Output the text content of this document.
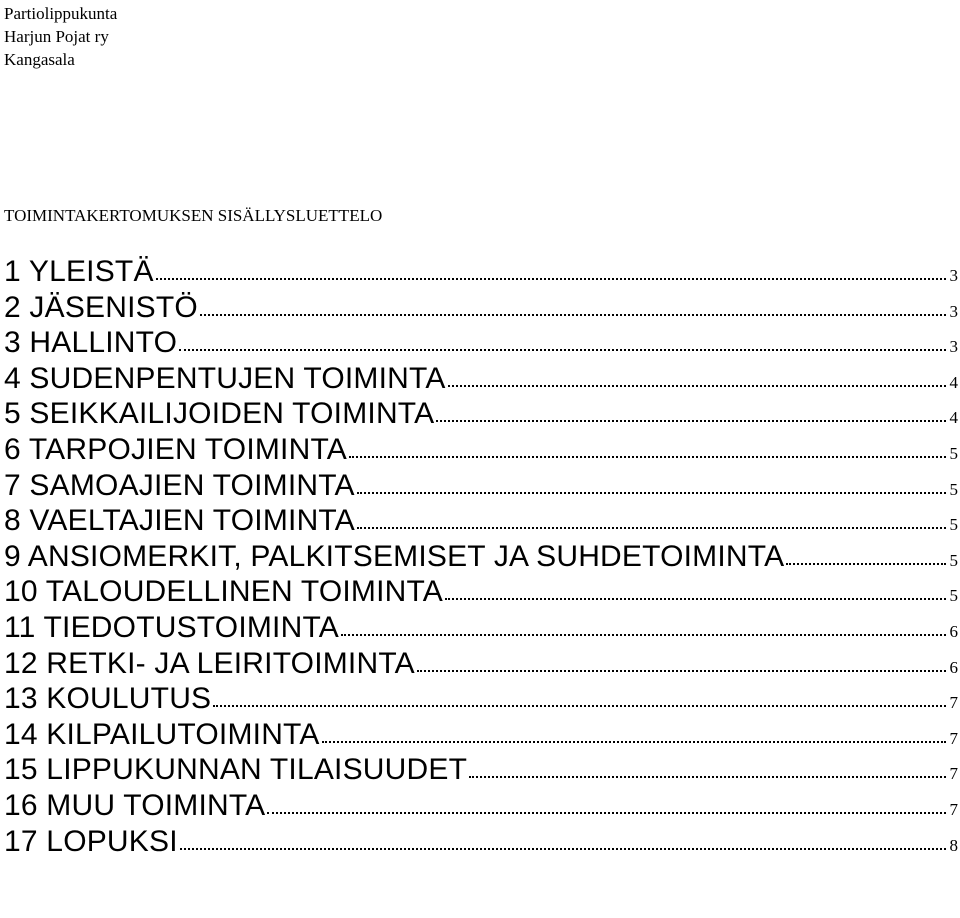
Partiolippukunta
Harjun Pojat ry
Kangasala
TOIMINTAKERTOMUKSEN SISÄLLYSLUETTELO
1 YLEISTÄ	3
2 JÄSENISTÖ	3
3 HALLINTO	3
4 SUDENPENTUJEN TOIMINTA	4
5 SEIKKAILIJOIDEN TOIMINTA	4
6 TARPOJIEN TOIMINTA	5
7 SAMOAJIEN TOIMINTA	5
8 VAELTAJIEN TOIMINTA	5
9 ANSIOMERKIT, PALKITSEMISET JA SUHDETOIMINTA	5
10 TALOUDELLINEN TOIMINTA	5
11 TIEDOTUSTOIMINTA	6
12 RETKI- JA LEIRITOIMINTA	6
13 KOULUTUS	7
14 KILPAILUTOIMINTA	7
15 LIPPUKUNNAN TILAISUUDET	7
16 MUU TOIMINTA	7
17 LOPUKSI	8
